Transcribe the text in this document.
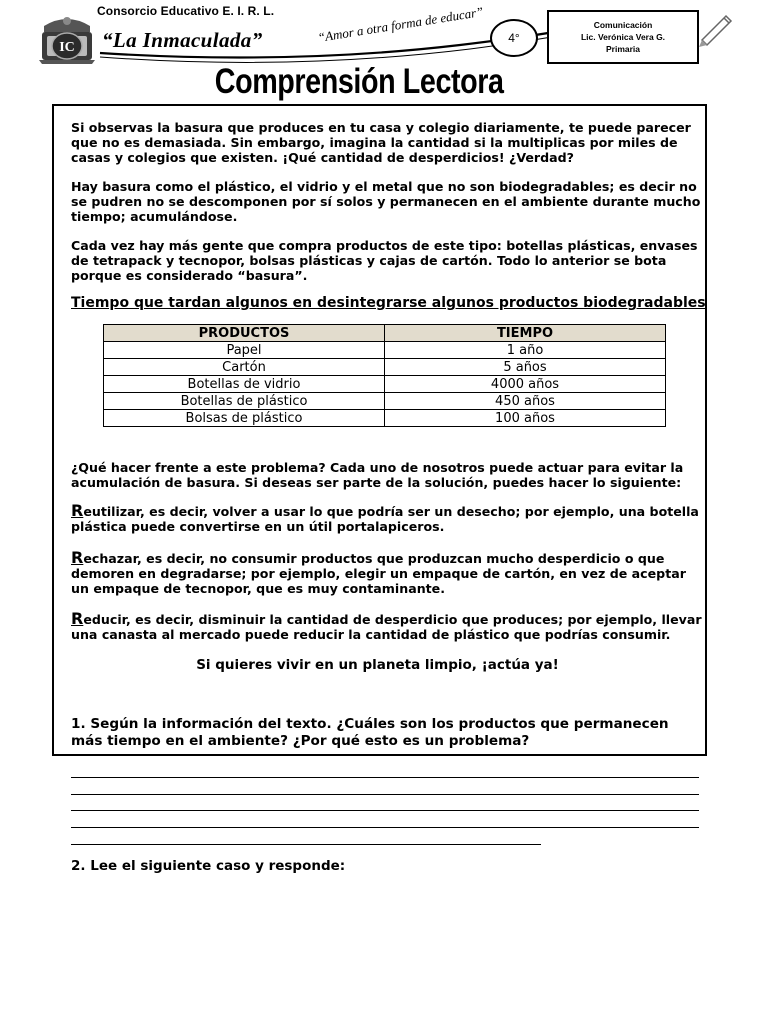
IC
Consorcio Educativo E. I. R. L.
“La Inmaculada”	“Amor a otra forma de educar” 4°
Comunicación
Lic. Verónica Vera G.
Primaria
Comprensión Lectora

Si observas la basura que produces en tu casa y colegio diariamente, te puede parecer que no es demasiada. Sin embargo, imagina la cantidad si la multiplicas por miles de casas y colegios que existen. ¡Qué cantidad de desperdicios! ¿Verdad?

Hay basura como el plástico, el vidrio y el metal que no son biodegradables; es decir no se pudren no se descomponen por sí solos y permanecen en el ambiente durante mucho tiempo; acumulándose.

Cada vez hay más gente que compra productos de este tipo: botellas plásticas, envases de tetrapack y tecnopor, bolsas plásticas y cajas de cartón. Todo lo anterior se bota porque es considerado “basura”.

Tiempo que tardan algunos en desintegrarse algunos productos biodegradables
PRODUCTOS	TIEMPO
Papel	1 año
Cartón	5 años
Botellas de vidrio	4000 años
Botellas de plástico	450 años
Bolsas de plástico	100 años

¿Qué hacer frente a este problema? Cada uno de nosotros puede actuar para evitar la acumulación de basura. Si deseas ser parte de la solución, puedes hacer lo siguiente:

Reutilizar, es decir, volver a usar lo que podría ser un desecho; por ejemplo, una botella plástica puede convertirse en un útil portalapiceros.

Rechazar, es decir, no consumir productos que produzcan mucho desperdicio o que demoren en degradarse; por ejemplo, elegir un empaque de cartón, en vez de aceptar un empaque de tecnopor, que es muy contaminante.

Reducir, es decir, disminuir la cantidad de desperdicio que produces; por ejemplo, llevar una canasta al mercado puede reducir la cantidad de plástico que podrías consumir.

Si quieres vivir en un planeta limpio, ¡actúa ya!

1. Según la información del texto. ¿Cuáles son los productos que permanecen más tiempo en el ambiente? ¿Por qué esto es un problema?

2. Lee el siguiente caso y responde:
